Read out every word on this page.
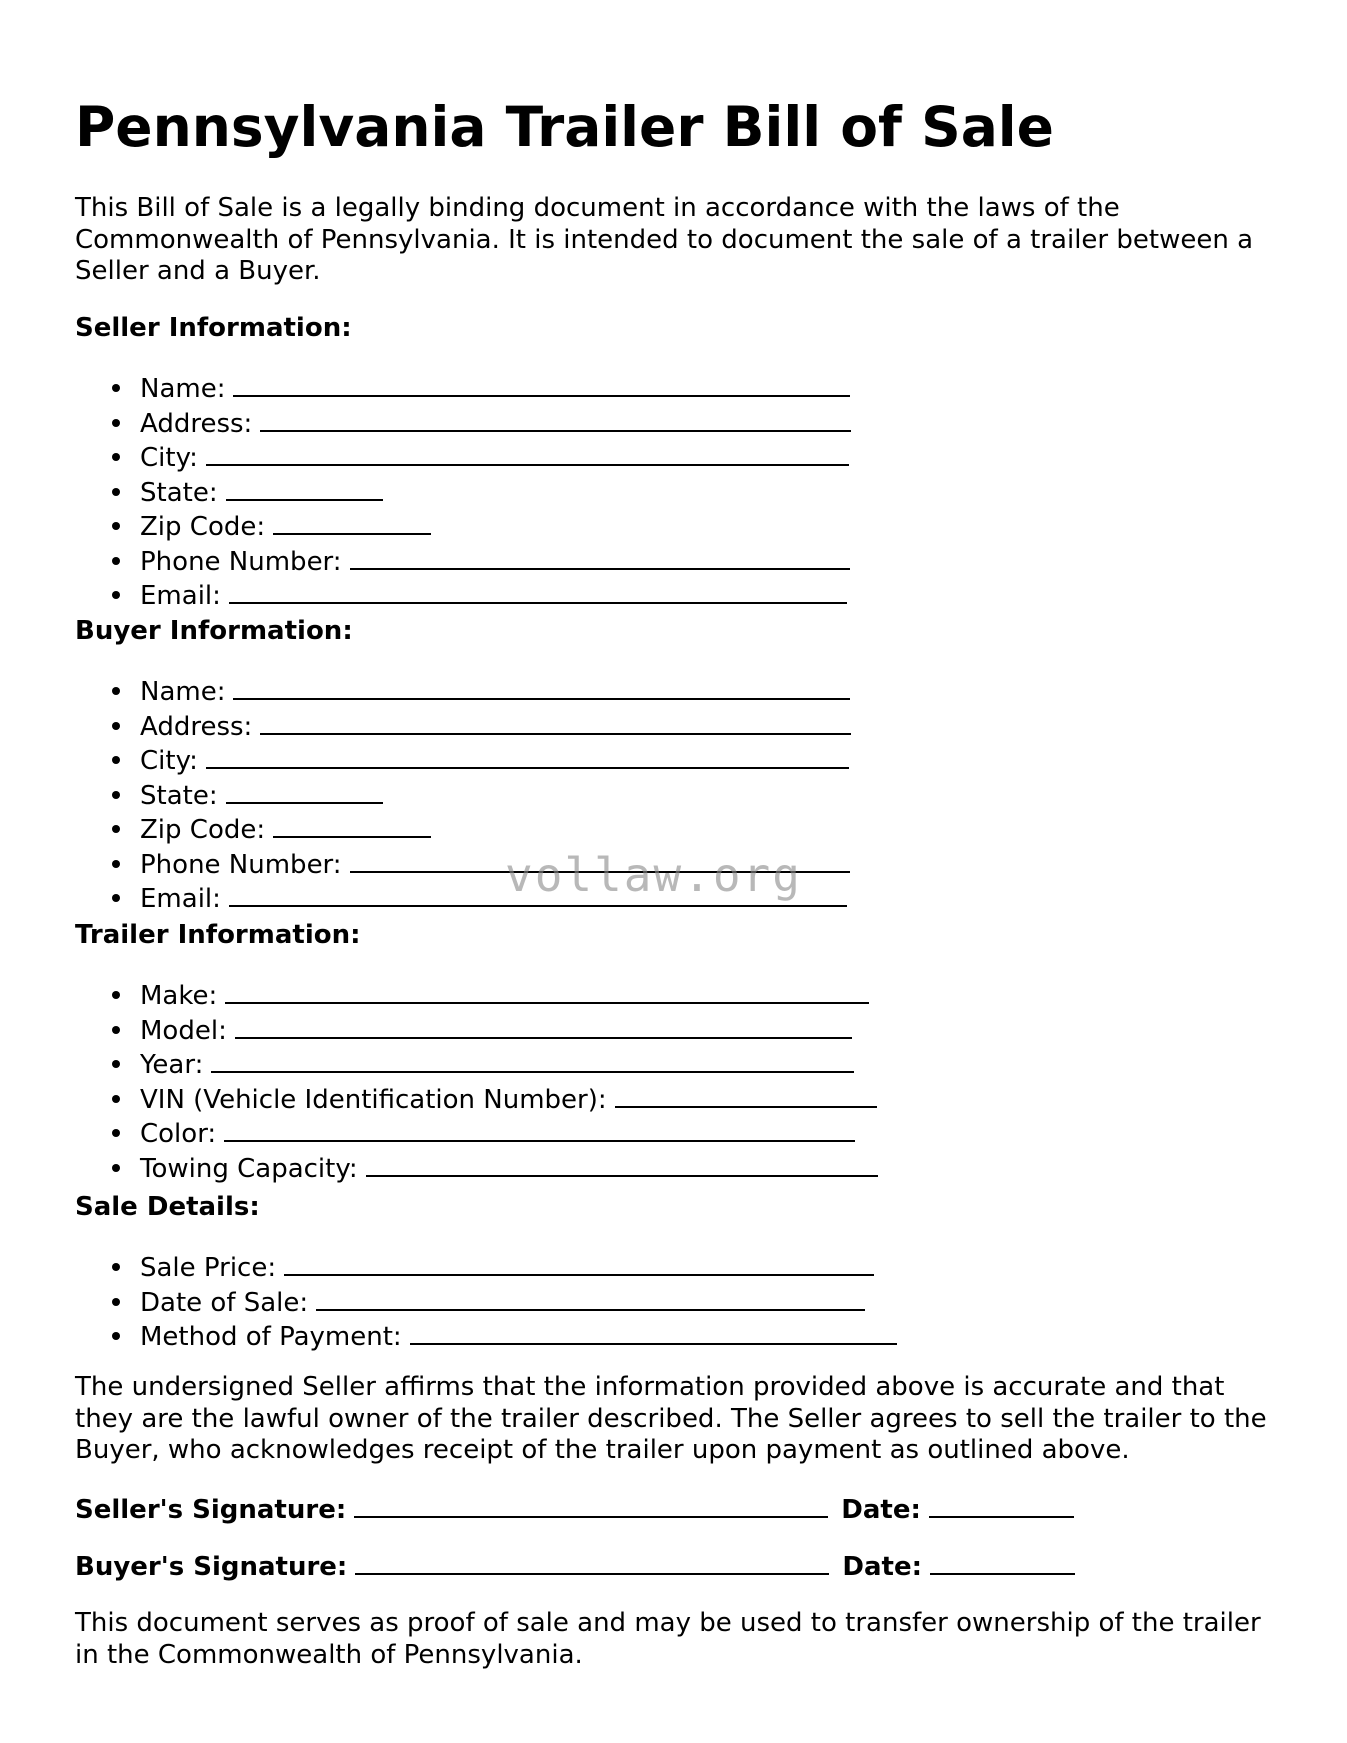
Pennsylvania Trailer Bill of Sale

This Bill of Sale is a legally binding document in accordance with the laws of the Commonwealth of Pennsylvania. It is intended to document the sale of a trailer between a Seller and a Buyer.

Seller Information:

Name:
Address:
City:
State:
Zip Code:
Phone Number:
Email:

Buyer Information:

Name:
Address:
City:
State:
Zip Code:
Phone Number:
Email:

Trailer Information:

Make:
Model:
Year:
VIN (Vehicle Identification Number):
Color:
Towing Capacity:

Sale Details:

Sale Price:
Date of Sale:
Method of Payment:

The undersigned Seller affirms that the information provided above is accurate and that they are the lawful owner of the trailer described. The Seller agrees to sell the trailer to the Buyer, who acknowledges receipt of the trailer upon payment as outlined above.

Seller's Signature:	Date:

Buyer's Signature:	Date:

This document serves as proof of sale and may be used to transfer ownership of the trailer in the Commonwealth of Pennsylvania.

vollaw.org
